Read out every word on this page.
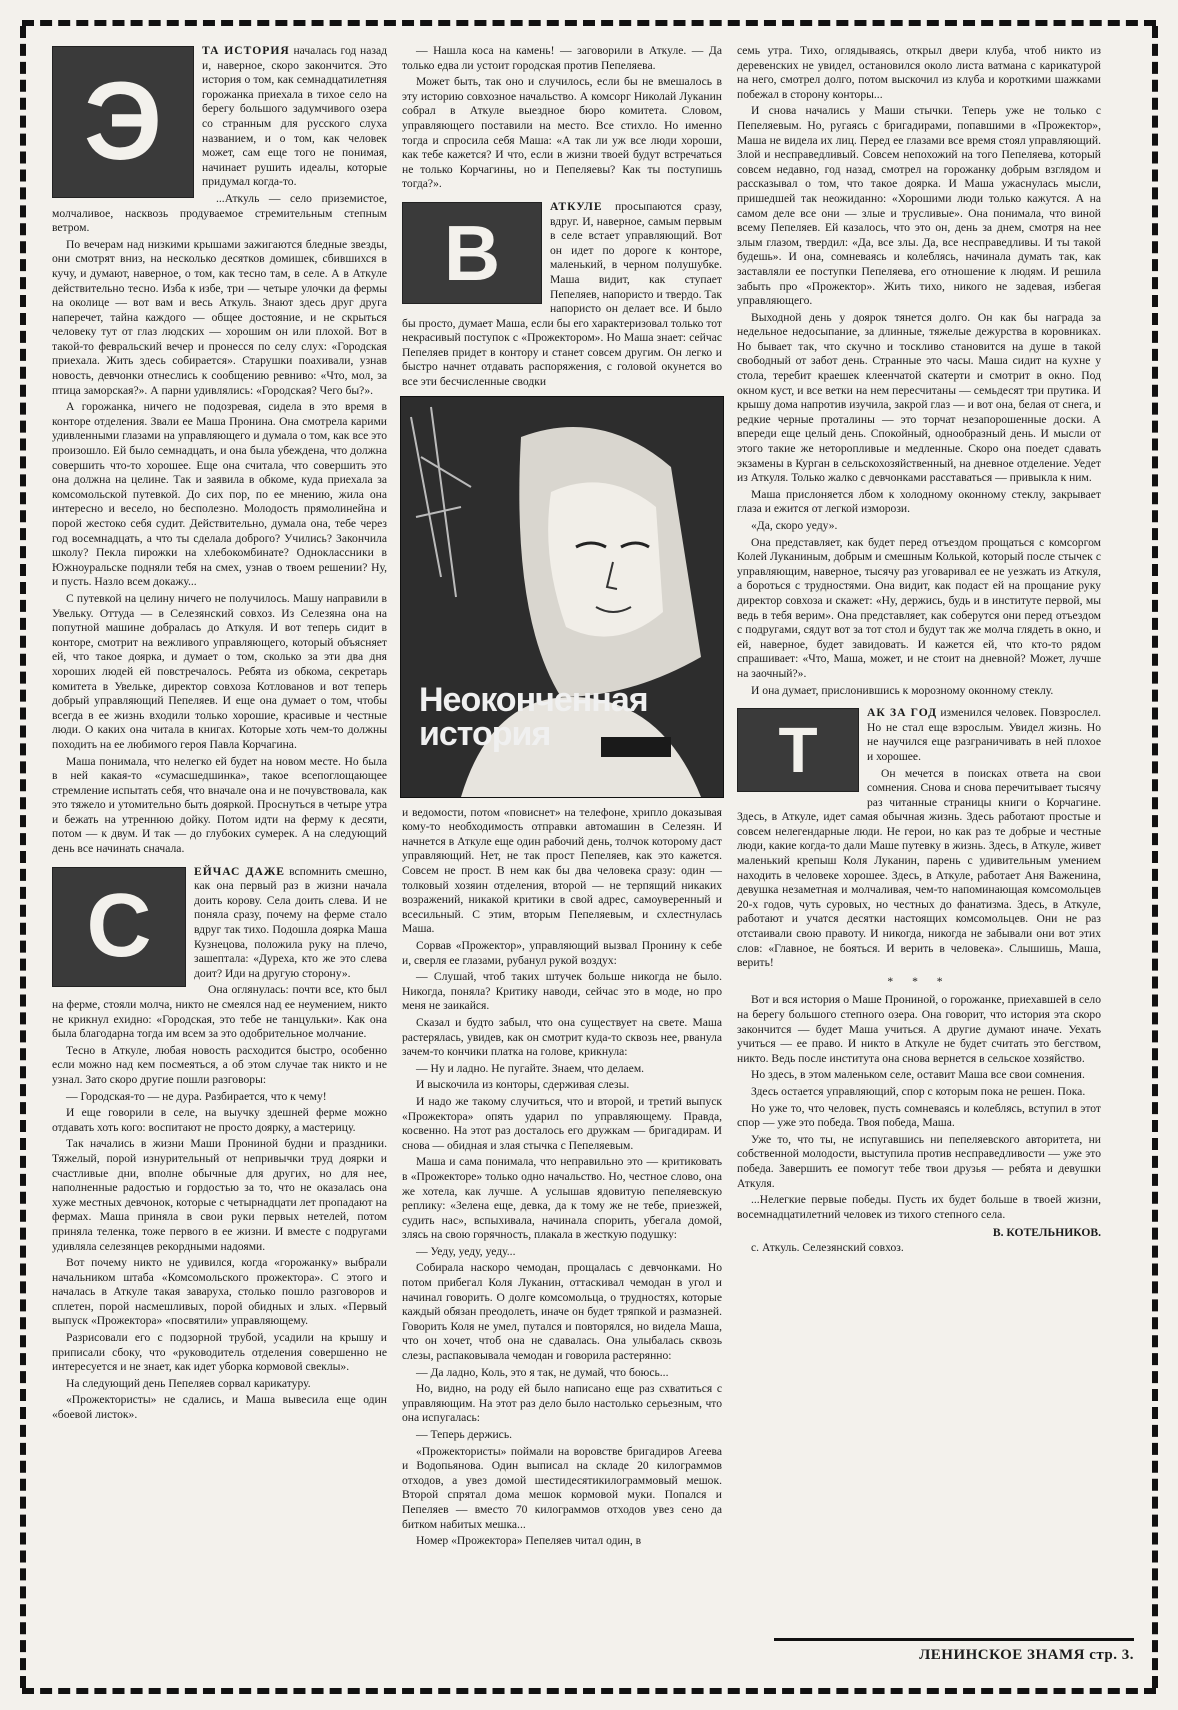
Э
ТА ИСТОРИЯ началась год назад и, наверное, скоро закончится. Это история о том, как семнадцатилетняя горожанка приехала в тихое село на берегу большого задумчивого озера со странным для русского слуха названием, и о том, как человек может, сам еще того не понимая, начинает рушить идеалы, которые придумал когда-то.

...Аткуль — село приземистое, молчаливое, насквозь продуваемое стремительным степным ветром.

По вечерам над низкими крышами зажигаются бледные звезды, они смотрят вниз, на несколько десятков домишек, сбившихся в кучу, и думают, наверное, о том, как тесно там, в селе. А в Аткуле действительно тесно. Изба к избе, три — четыре улочки да фермы на околице — вот вам и весь Аткуль. Знают здесь друг друга наперечет, тайна каждого — общее достояние, и не скрыться человеку тут от глаз людских — хорошим он или плохой. Вот в такой-то февральский вечер и пронесся по селу слух: «Городская приехала. Жить здесь собирается». Старушки поахивали, узнав новость, девчонки отнеслись к сообщению ревниво: «Что, мол, за птица заморская?». А парни удивлялись: «Городская? Чего бы?».

А горожанка, ничего не подозревая, сидела в это время в конторе отделения. Звали ее Маша Пронина. Она смотрела карими удивленными глазами на управляющего и думала о том, как все это произошло. Ей было семнадцать, и она была убеждена, что должна совершить что-то хорошее. Еще она считала, что совершить это она должна на целине. Так и заявила в обкоме, куда приехала за комсомольской путевкой. До сих пор, по ее мнению, жила она интересно и весело, но бесполезно. Молодость прямолинейна и порой жестоко себя судит. Действительно, думала она, тебе через год восемнадцать, а что ты сделала доброго? Учились? Закончила школу? Пекла пирожки на хлебокомбинате? Одноклассники в Южноуральске подняли тебя на смех, узнав о твоем решении? Ну, и пусть. Назло всем докажу...

С путевкой на целину ничего не получилось. Машу направили в Увельку. Оттуда — в Селезянский совхоз. Из Селезяна она на попутной машине добралась до Аткуля. И вот теперь сидит в конторе, смотрит на вежливого управляющего, который объясняет ей, что такое доярка, и думает о том, сколько за эти два дня хороших людей ей повстречалось. Ребята из обкома, секретарь комитета в Увельке, директор совхоза Котлованов и вот теперь добрый управляющий Пепеляев. И еще она думает о том, чтобы всегда в ее жизнь входили только хорошие, красивые и честные люди. О каких она читала в книгах. Которые хоть чем-то должны походить на ее любимого героя Павла Корчагина.

Маша понимала, что нелегко ей будет на новом месте. Но была в ней какая-то «сумасшедшинка», такое всепоглощающее стремление испытать себя, что вначале она и не почувствовала, как это тяжело и утомительно быть дояркой. Проснуться в четыре утра и бежать на утреннюю дойку. Потом идти на ферму к десяти, потом — к двум. И так — до глубоких сумерек. А на следующий день все начинать сначала.

С
ЕЙЧАС ДАЖЕ вспомнить смешно, как она первый раз в жизни начала доить корову. Села доить слева. И не поняла сразу, почему на ферме стало вдруг так тихо. Подошла доярка Маша Кузнецова, положила руку на плечо, зашептала: «Дуреха, кто же это слева доит? Иди на другую сторону».

Она оглянулась: почти все, кто был на ферме, стояли молча, никто не смеялся над ее неумением, никто не крикнул ехидно: «Городская, это тебе не танцульки». Как она была благодарна тогда им всем за это одобрительное молчание.

Тесно в Аткуле, любая новость расходится быстро, особенно если можно над кем посмеяться, а об этом случае так никто и не узнал. Зато скоро другие пошли разговоры:

— Городская-то — не дура. Разбирается, что к чему!

И еще говорили в селе, на выучку здешней ферме можно отдавать хоть кого: воспитают не просто доярку, а мастерицу.

Так начались в жизни Маши Прониной будни и праздники. Тяжелый, порой изнурительный от непривычки труд доярки и счастливые дни, вполне обычные для других, но для нее, наполненные радостью и гордостью за то, что не оказалась она хуже местных девчонок, которые с четырнадцати лет пропадают на фермах. Маша приняла в свои руки первых нетелей, потом приняла теленка, тоже первого в ее жизни. И вместе с подругами удивляла селезянцев рекордными надоями.

Вот почему никто не удивился, когда «горожанку» выбрали начальником штаба «Комсомольского прожектора». С этого и началась в Аткуле такая заваруха, столько пошло разговоров и сплетен, порой насмешливых, порой обидных и злых. «Первый выпуск «Прожектора» «посвятили» управляющему.

Разрисовали его с подзорной трубой, усадили на крышу и приписали сбоку, что «руководитель отделения совершенно не интересуется и не знает, как идет уборка кормовой свеклы».

На следующий день Пепеляев сорвал карикатуру.

«Прожектористы» не сдались, и Маша вывесила еще один «боевой листок».

— Нашла коса на камень! — заговорили в Аткуле. — Да только едва ли устоит городская против Пепеляева.

Может быть, так оно и случилось, если бы не вмешалось в эту историю совхозное начальство. А комсорг Николай Луканин собрал в Аткуле выездное бюро комитета. Словом, управляющего поставили на место. Все стихло. Но именно тогда и спросила себя Маша: «А так ли уж все люди хороши, как тебе кажется? И что, если в жизни твоей будут встречаться не только Корчагины, но и Пепеляевы? Как ты поступишь тогда?».

В
АТКУЛЕ просыпаются сразу, вдруг. И, наверное, самым первым в селе встает управляющий. Вот он идет по дороге к конторе, маленький, в черном полушубке. Маша видит, как ступает Пепеляев, напористо и твердо. Так напористо он делает все. И было бы просто, думает Маша, если бы его характеризовал только тот некрасивый поступок с «Прожектором». Но Маша знает: сейчас Пепеляев придет в контору и станет совсем другим. Он легко и быстро начнет отдавать распоряжения, с головой окунется во все эти бесчисленные сводки

Неоконченная история

и ведомости, потом «повиснет» на телефоне, хрипло доказывая кому-то необходимость отправки автомашин в Селезян. И начнется в Аткуле еще один рабочий день, толчок которому даст управляющий. Нет, не так прост Пепеляев, как это кажется. Совсем не прост. В нем как бы два человека сразу: один — толковый хозяин отделения, второй — не терпящий никаких возражений, никакой критики в свой адрес, самоуверенный и всесильный. С этим, вторым Пепеляевым, и схлестнулась Маша.

Сорвав «Прожектор», управляющий вызвал Пронину к себе и, сверля ее глазами, рубанул рукой воздух:

— Слушай, чтоб таких штучек больше никогда не было. Никогда, поняла? Критику наводи, сейчас это в моде, но про меня не заикайся.

Сказал и будто забыл, что она существует на свете. Маша растерялась, увидев, как он смотрит куда-то сквозь нее, рванула зачем-то кончики платка на голове, крикнула:

— Ну и ладно. Не пугайте. Знаем, что делаем.

И выскочила из конторы, сдерживая слезы.

И надо же такому случиться, что и второй, и третий выпуск «Прожектора» опять ударил по управляющему. Правда, косвенно. На этот раз досталось его дружкам — бригадирам. И снова — обидная и злая стычка с Пепеляевым.

Маша и сама понимала, что неправильно это — критиковать в «Прожекторе» только одно начальство. Но, честное слово, она же хотела, как лучше. А услышав ядовитую пепеляевскую реплику: «Зелена еще, девка, да к тому же не тебе, приезжей, судить нас», вспыхивала, начинала спорить, убегала домой, злясь на свою горячность, плакала в жесткую подушку:

— Уеду, уеду, уеду...

Собирала наскоро чемодан, прощалась с девчонками. Но потом прибегал Коля Луканин, оттаскивал чемодан в угол и начинал говорить. О долге комсомольца, о трудностях, которые каждый обязан преодолеть, иначе он будет тряпкой и размазней. Говорить Коля не умел, путался и повторялся, но видела Маша, что он хочет, чтоб она не сдавалась. Она улыбалась сквозь слезы, распаковывала чемодан и говорила растерянно:

— Да ладно, Коль, это я так, не думай, что боюсь...

Но, видно, на роду ей было написано еще раз схватиться с управляющим. На этот раз дело было настолько серьезным, что она испугалась:

— Теперь держись.

«Прожектористы» поймали на воровстве бригадиров Агеева и Водопьянова. Один выписал на складе 20 килограммов отходов, а увез домой шестидесятикилограммовый мешок. Второй спрятал дома мешок кормовой муки. Попался и Пепеляев — вместо 70 килограммов отходов увез сено да битком набитых мешка...

Номер «Прожектора» Пепеляев читал один, в

семь утра. Тихо, оглядываясь, открыл двери клуба, чтоб никто из деревенских не увидел, остановился около листа ватмана с карикатурой на него, смотрел долго, потом выскочил из клуба и короткими шажками побежал в сторону конторы...

И снова начались у Маши стычки. Теперь уже не только с Пепеляевым. Но, ругаясь с бригадирами, попавшими в «Прожектор», Маша не видела их лиц. Перед ее глазами все время стоял управляющий. Злой и несправедливый. Совсем непохожий на того Пепеляева, который совсем недавно, год назад, смотрел на горожанку добрым взглядом и рассказывал о том, что такое доярка. И Маша ужаснулась мысли, пришедшей так неожиданно: «Хорошими люди только кажутся. А на самом деле все они — злые и трусливые». Она понимала, что виной всему Пепеляев. Ей казалось, что это он, день за днем, смотря на нее злым глазом, твердил: «Да, все злы. Да, все несправедливы. И ты такой будешь». И она, сомневаясь и колеблясь, начинала думать так, как заставляли ее поступки Пепеляева, его отношение к людям. И решила забыть про «Прожектор». Жить тихо, никого не задевая, избегая управляющего.

Выходной день у доярок тянется долго. Он как бы награда за недельное недосыпание, за длинные, тяжелые дежурства в коровниках. Но бывает так, что скучно и тоскливо становится на душе в такой свободный от забот день. Странные это часы. Маша сидит на кухне у стола, теребит краешек клеенчатой скатерти и смотрит в окно. Под окном куст, и все ветки на нем пересчитаны — семьдесят три прутика. И крышу дома напротив изучила, закрой глаз — и вот она, белая от снега, и редкие черные проталины — это торчат незапорошенные доски. А впереди еще целый день. Спокойный, однообразный день. И мысли от этого такие же неторопливые и медленные. Скоро она поедет сдавать экзамены в Курган в сельскохозяйственный, на дневное отделение. Уедет из Аткуля. Только жалко с девчонками расставаться — привыкла к ним.

Маша прислоняется лбом к холодному оконному стеклу, закрывает глаза и ежится от легкой изморози.

«Да, скоро уеду».

Она представляет, как будет перед отъездом прощаться с комсоргом Колей Луканиным, добрым и смешным Колькой, который после стычек с управляющим, наверное, тысячу раз уговаривал ее не уезжать из Аткуля, а бороться с трудностями. Она видит, как подаст ей на прощание руку директор совхоза и скажет: «Ну, держись, будь и в институте первой, мы ведь в тебя верим». Она представляет, как соберутся они перед отъездом с подругами, сядут вот за тот стол и будут так же молча глядеть в окно, и ей, наверное, будет завидовать. И кажется ей, что кто-то рядом спрашивает: «Что, Маша, может, и не стоит на дневной? Может, лучше на заочный?».

И она думает, прислонившись к морозному оконному стеклу.

Т
АК ЗА ГОД изменился человек. Повзрослел. Но не стал еще взрослым. Увидел жизнь. Но не научился еще разграничивать в ней плохое и хорошее.

Он мечется в поисках ответа на свои сомнения. Снова и снова перечитывает тысячу раз читанные страницы книги о Корчагине. Здесь, в Аткуле, идет самая обычная жизнь. Здесь работают простые и совсем нелегендарные люди. Не герои, но как раз те добрые и честные люди, какие когда-то дали Маше путевку в жизнь. Здесь, в Аткуле, живет маленький крепыш Коля Луканин, парень с удивительным умением находить в человеке хорошее. Здесь, в Аткуле, работает Аня Важенина, девушка незаметная и молчаливая, чем-то напоминающая комсомольцев 20-х годов, чуть суровых, но честных до фанатизма. Здесь, в Аткуле, работают и учатся десятки настоящих комсомольцев. Они не раз отстаивали свою правоту. И никогда, никогда не забывали они вот этих слов: «Главное, не бояться. И верить в человека». Слышишь, Маша, верить!

* * *

Вот и вся история о Маше Прониной, о горожанке, приехавшей в село на берегу большого степного озера. Она говорит, что история эта скоро закончится — будет Маша учиться. А другие думают иначе. Уехать учиться — ее право. И никто в Аткуле не будет считать это бегством, никто. Ведь после института она снова вернется в сельское хозяйство.

Но здесь, в этом маленьком селе, оставит Маша все свои сомнения.

Здесь остается управляющий, спор с которым пока не решен. Пока.

Но уже то, что человек, пусть сомневаясь и колеблясь, вступил в этот спор — уже это победа. Твоя победа, Маша.

Уже то, что ты, не испугавшись ни пепеляевского авторитета, ни собственной молодости, выступила против несправедливости — уже это победа. Завершить ее помогут тебе твои друзья — ребята и девушки Аткуля.

...Нелегкие первые победы. Пусть их будет больше в твоей жизни, восемнадцатилетний человек из тихого степного села.

В. КОТЕЛЬНИКОВ.

с. Аткуль. Селезянский совхоз.

ЛЕНИНСКОЕ ЗНАМЯ стр. 3.
